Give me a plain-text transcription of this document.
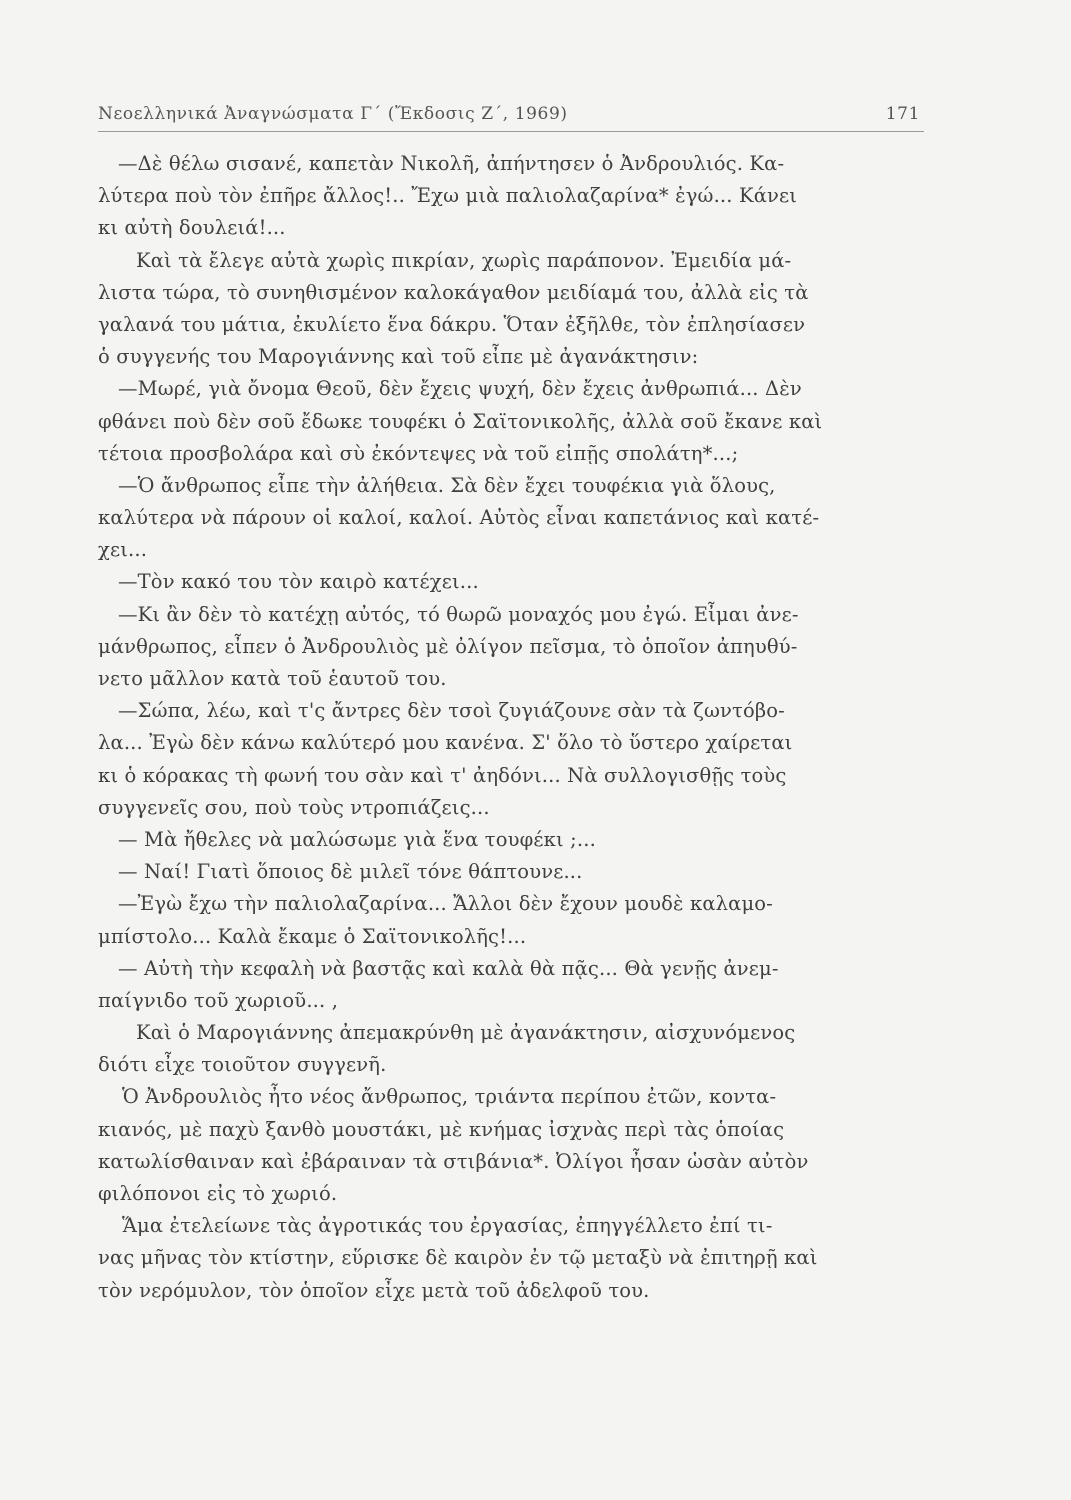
Νεοελληνικά Ἀναγνώσματα Γ΄ (Ἔκδοσις Ζ΄, 1969)	171
—Δὲ θέλω σισανέ, καπετὰν Νικολῆ, ἀπήντησεν ὁ Ἀνδρουλιός. Κα-
λύτερα ποὺ τὸν ἐπῆρε ἄλλος!.. Ἔχω μιὰ παλιολαζαρίνα* ἐγώ... Κάνει
κι αὐτὴ δουλειά!...
Καὶ τὰ ἔλεγε αὐτὰ χωρὶς πικρίαν, χωρὶς παράπονον. Ἐμειδία μά-
λιστα τώρα, τὸ συνηθισμένον καλοκάγαθον μειδίαμά του, ἀλλὰ εἰς τὰ
γαλανά του μάτια, ἐκυλίετο ἕνα δάκρυ. Ὅταν ἐξῆλθε, τὸν ἐπλησίασεν
ὁ συγγενής του Μαρογιάννης καὶ τοῦ εἶπε μὲ ἀγανάκτησιν:
—Μωρέ, γιὰ ὄνομα Θεοῦ, δὲν ἔχεις ψυχή, δὲν ἔχεις ἀνθρωπιά... Δὲν
φθάνει ποὺ δὲν σοῦ ἔδωκε τουφέκι ὁ Σαϊτονικολῆς, ἀλλὰ σοῦ ἔκανε καὶ
τέτοια προσβολάρα καὶ σὺ ἐκόντεψες νὰ τοῦ εἰπῇς σπολάτη*...;
—Ὁ ἄνθρωπος εἶπε τὴν ἀλήθεια. Σὰ δὲν ἔχει τουφέκια γιὰ ὅλους,
καλύτερα νὰ πάρουν οἱ καλοί, καλοί. Αὐτὸς εἶναι καπετάνιος καὶ κατέ-
χει...
—Τὸν κακό του τὸν καιρὸ κατέχει...
—Κι ἂν δὲν τὸ κατέχῃ αὐτός, τό θωρῶ μοναχός μου ἐγώ. Εἶμαι ἀνε-
μάνθρωπος, εἶπεν ὁ Ἀνδρουλιὸς μὲ ὀλίγον πεῖσμα, τὸ ὁποῖον ἀπηυθύ-
νετο μᾶλλον κατὰ τοῦ ἑαυτοῦ του.
—Σώπα, λέω, καὶ τ'ς ἄντρες δὲν τσοὶ ζυγιάζουνε σὰν τὰ ζωντόβο-
λα... Ἐγὼ δὲν κάνω καλύτερό μου κανένα. Σ' ὅλο τὸ ὕστερο χαίρεται
κι ὁ κόρακας τὴ φωνή του σὰν καὶ τ' ἀηδόνι... Νὰ συλλογισθῇς τοὺς
συγγενεῖς σου, ποὺ τοὺς ντροπιάζεις...
— Μὰ ἤθελες νὰ μαλώσωμε γιὰ ἕνα τουφέκι ;...
— Ναί! Γιατὶ ὅποιος δὲ μιλεῖ τόνε θάπτουνε...
—Ἐγὼ ἔχω τὴν παλιολαζαρίνα... Ἄλλοι δὲν ἔχουν μουδὲ καλαμο-
μπίστολο... Καλὰ ἔκαμε ὁ Σαϊτονικολῆς!...
— Αὐτὴ τὴν κεφαλὴ νὰ βαστᾷς καὶ καλὰ θὰ πᾷς... Θὰ γενῇς ἀνεμ-
παίγνιδο τοῦ χωριοῦ... ,
Καὶ ὁ Μαρογιάννης ἀπεμακρύνθη μὲ ἀγανάκτησιν, αἰσχυνόμενος
διότι εἶχε τοιοῦτον συγγενῆ.
Ὁ Ἀνδρουλιὸς ἦτο νέος ἄνθρωπος, τριάντα περίπου ἐτῶν, κοντα-
κιανός, μὲ παχὺ ξανθὸ μουστάκι, μὲ κνήμας ἰσχνὰς περὶ τὰς ὁποίας
κατωλίσθαιναν καὶ ἐβάραιναν τὰ στιβάνια*. Ὀλίγοι ἦσαν ὡσὰν αὐτὸν
φιλόπονοι εἰς τὸ χωριό.
Ἅμα ἐτελείωνε τὰς ἀγροτικάς του ἐργασίας, ἐπηγγέλλετο ἐπί τι-
νας μῆνας τὸν κτίστην, εὕρισκε δὲ καιρὸν ἐν τῷ μεταξὺ νὰ ἐπιτηρῇ καὶ
τὸν νερόμυλον, τὸν ὁποῖον εἶχε μετὰ τοῦ ἀδελφοῦ του.
